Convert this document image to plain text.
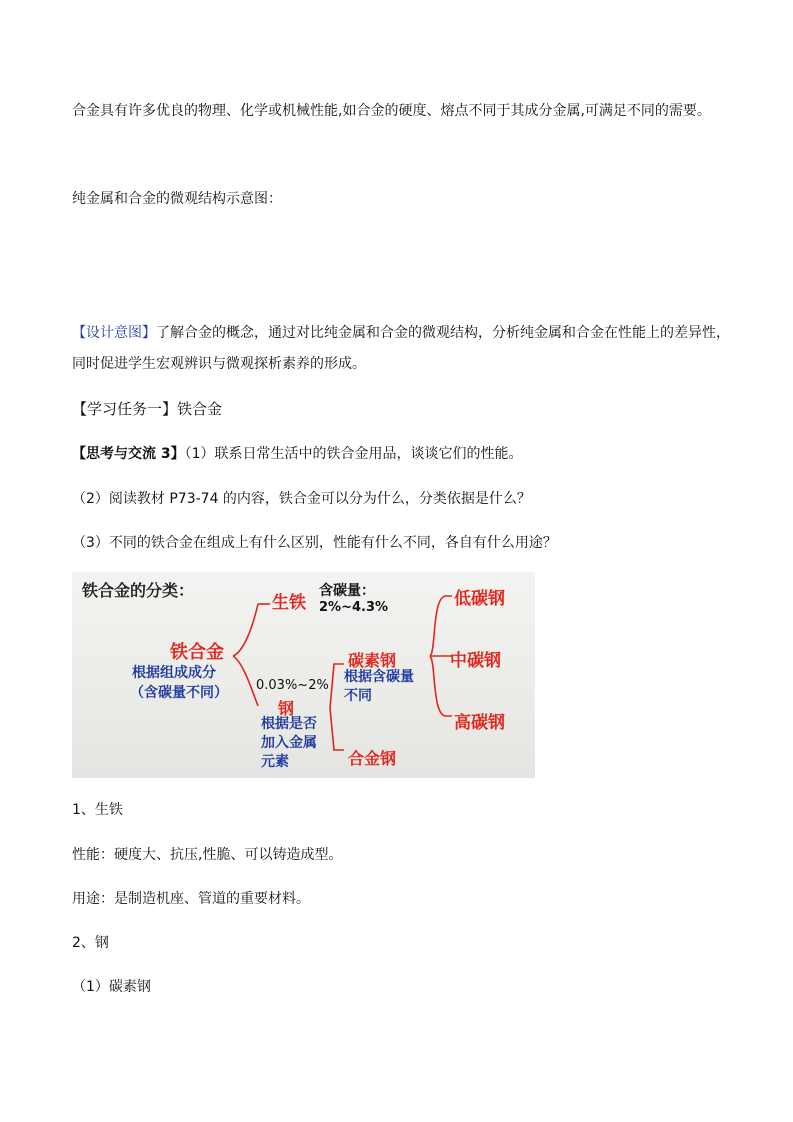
合金具有许多优良的物理、化学或机械性能,如合金的硬度、熔点不同于其成分金属,可满足不同的需要。
纯金属和合金的微观结构示意图：
【设计意图】了解合金的概念，通过对比纯金属和合金的微观结构，分析纯金属和合金在性能上的差异性，
同时促进学生宏观辨识与微观探析素养的形成。
【学习任务一】铁合金
【思考与交流 3】（1）联系日常生活中的铁合金用品，谈谈它们的性能。
（2）阅读教材 P73-74 的内容，铁合金可以分为什么，分类依据是什么？
（3）不同的铁合金在组成上有什么区别，性能有什么不同，各自有什么用途？
铁合金的分类：
生铁
含碳量：
2%~4.3%
铁合金
根据组成成分
（含碳量不同） 0.03%~2%
钢
根据是否
加入金属
元素
碳素钢
根据含碳量
不同
合金钢
低碳钢
中碳钢
高碳钢
1、生铁
性能：硬度大、抗压,性脆、可以铸造成型。
用途：是制造机座、管道的重要材料。
2、钢
（1）碳素钢
